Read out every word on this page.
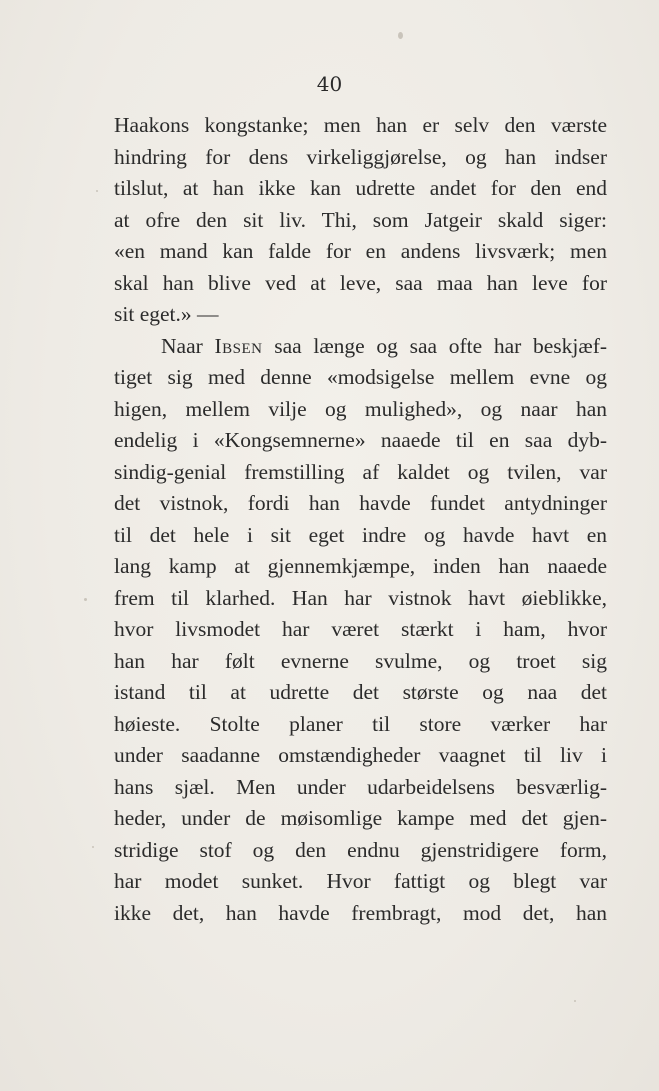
40
Haakons kongstanke; men han er selv den værste
hindring for dens virkeliggjørelse, og han indser
tilslut, at han ikke kan udrette andet for den end
at ofre den sit liv. Thi, som Jatgeir skald siger:
«en mand kan falde for en andens livsværk; men
skal han blive ved at leve, saa maa han leve for
sit eget.» —
Naar Ibsen saa længe og saa ofte har beskjæf-
tiget sig med denne «modsigelse mellem evne og
higen, mellem vilje og mulighed», og naar han
endelig i «Kongsemnerne» naaede til en saa dyb-
sindig-genial fremstilling af kaldet og tvilen, var
det vistnok, fordi han havde fundet antydninger
til det hele i sit eget indre og havde havt en
lang kamp at gjennemkjæmpe, inden han naaede
frem til klarhed. Han har vistnok havt øieblikke,
hvor livsmodet har været stærkt i ham, hvor
han har følt evnerne svulme, og troet sig
istand til at udrette det største og naa det
høieste. Stolte planer til store værker har
under saadanne omstændigheder vaagnet til liv i
hans sjæl. Men under udarbeidelsens besværlig-
heder, under de møisomlige kampe med det gjen-
stridige stof og den endnu gjenstridigere form,
har modet sunket. Hvor fattigt og blegt var
ikke det, han havde frembragt, mod det, han
